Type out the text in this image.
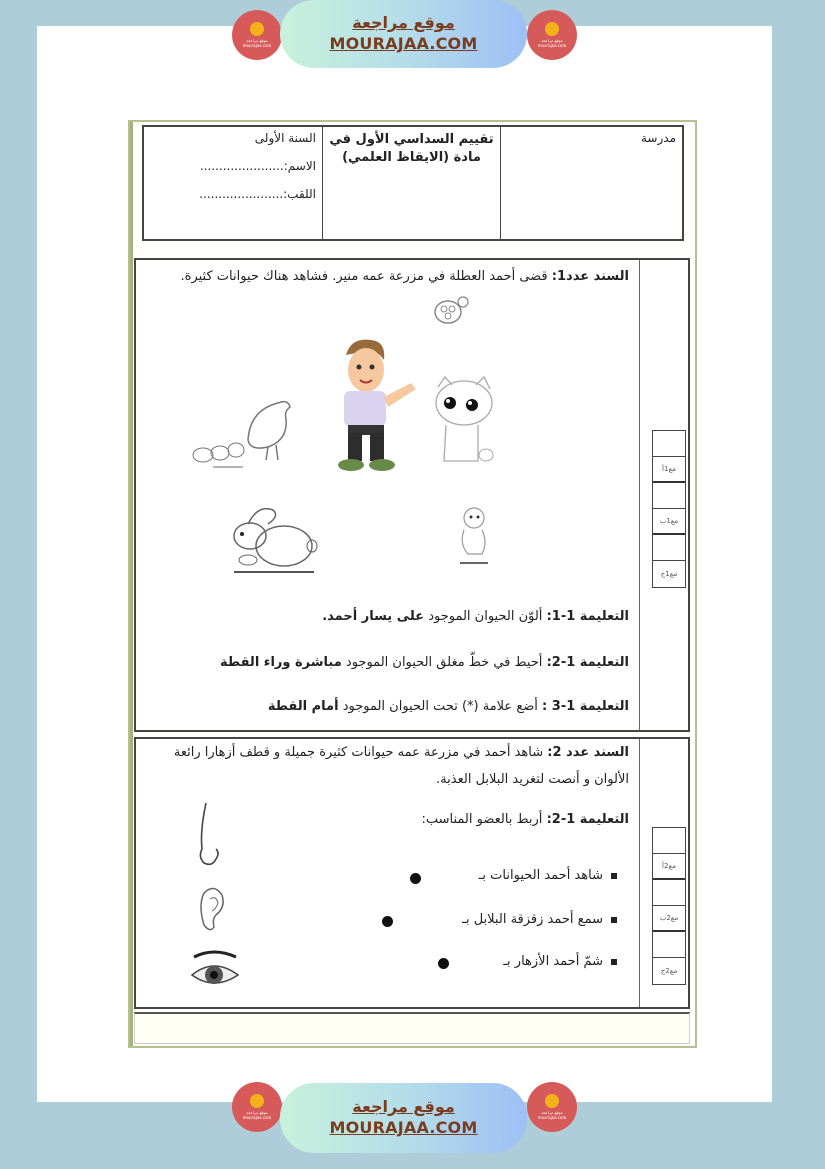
موقع مراجعة mourajaa.com
موقع مراجعة
MOURAJAA.COM	موقع مراجعة mourajaa.com
مدرسة
تقييم السداسي الأول في
مادة (الايقاظ العلمي)
السنة الأولى
الاسم:......................
اللقب:......................
السند عدد1: قضى أحمد العطلة في مزرعة عمه منير. فشاهد هناك حيوانات كثيرة.
التعليمة 1-1: ألوّن الحيوان الموجود على يسار أحمد.
التعليمة 1-2: أحيط في خطّ مغلق الحيوان الموجود مباشرة وراء القطة
التعليمة 1-3 : أضع علامة (*) تحت الحيوان الموجود أمام القطة
مع1أ
مع1ب
مع1ج
السند عدد 2: شاهد أحمد في مزرعة عمه حيوانات كثيرة جميلة و قطف أزهارا رائعة الألوان و أنصت لتغريد البلابل العذبة.
التعليمة 1-2: أربط بالعضو المناسب:
شاهد أحمد الحيوانات بـ
سمع أحمد زقزقة البلابل بـ
شمّ أحمد الأزهار بـ
مع2أ
مع2ب
مع2ج
موقع مراجعة mourajaa.com
موقع مراجعة
MOURAJAA.COM
موقع مراجعة mourajaa.com
